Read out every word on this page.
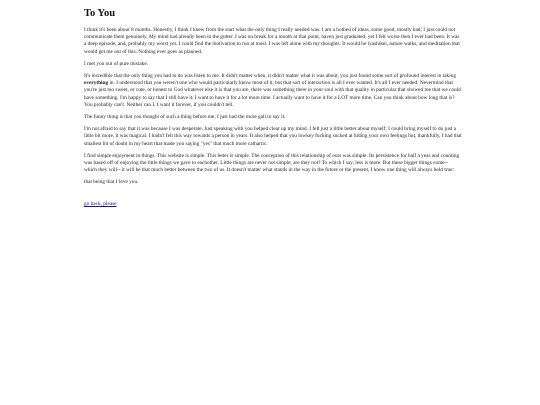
To You

I think it's been about 8 months. Honestly, I think I knew from the start what the only thing I really needed was. I am a hotbed of ideas, some good, mostly bad; I just could not communicate them genuinely. My mind had already been in the gutter. I was on break for a month at that point, haven just graduated, yet I felt worse then I ever had been. It was a deep episode, and, probably my worst yet. I could find the motivation to run at most. I was left alone with my thoughts. It would be iyashikei, nature walks, and meditation that would get me out of this. Nothing ever goes as planned.

I met you out of pure mistake.

It's incredible that the only thing you had to do was listen to me. It didn't matter when, it didn't matter what it was about, you just found some sort of profound interest in taking everything in. I understood that you weren't one who would particularly know most of it, but that sort of interaction is all I ever wanted. It's all I ever needed. Nevermind that you're just too sweet, or cute, or honest to God whatever else it is that you are, there was something there in your soul with that quality in particular that showed me that we could have something. I'm happy to say that I still have it. I want to have it for a lot more time. I actually want to have it for a LOT more time. Can you think about how long that is? You probably can't. Neither can I. I want it forever, if you couldn't tell.

The funny thing is that you thought of such a thing before me, I just had the more gall to say it.

I'm not afraid to say that it was because I was desperate. Just speaking with you helped clear up my mind. I felt just a little better about myself; I could bring myself to do just a little bit more, it was magical. I hadn't felt this way towards a person in years. It also helped that you lowkey fucking sucked at hiding your own feelings but, thankfully, I had that smallest bit of doubt in my heart that made you saying "yes" that much more cathartic.

I find simple enjoyment in things. This website is simple. This letter is simple. The conception of this relationship of ours was simple. Its persistence for half a year and counting was based off of enjoying the little things we gave to eachother. Little things are never not simple, are they not? To which I say, less is more. But these bigger things come-- which they will-- it will be that much better between the two of us. It doesn't matter what stands in the way in the future or the present, I know one thing will always hold true:

that being that I love you.

go back, please
